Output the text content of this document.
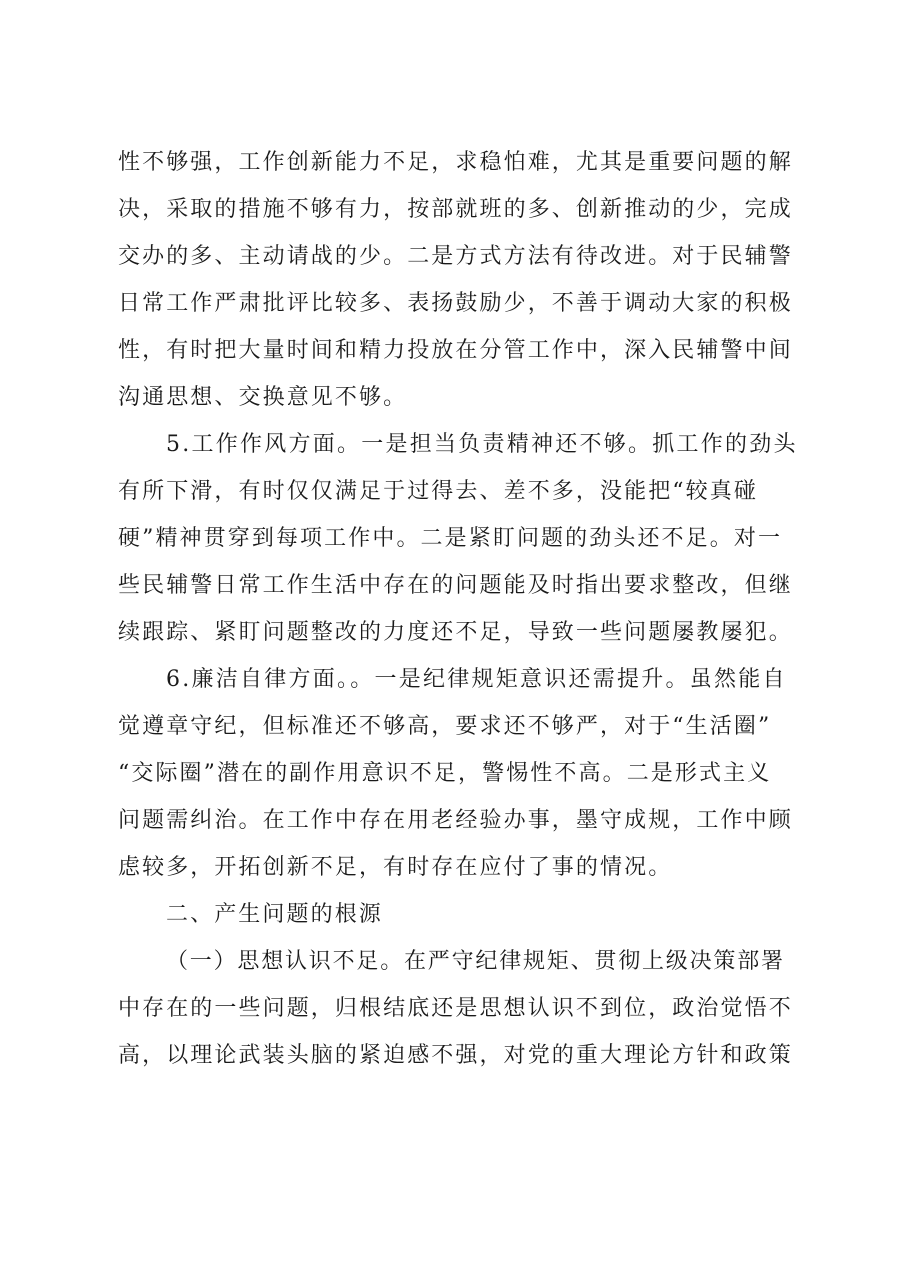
性不够强，工作创新能力不足，求稳怕难，尤其是重要问题的解
决，采取的措施不够有力，按部就班的多、创新推动的少，完成
交办的多、主动请战的少。二是方式方法有待改进。对于民辅警
日常工作严肃批评比较多、表扬鼓励少，不善于调动大家的积极
性，有时把大量时间和精力投放在分管工作中，深入民辅警中间
沟通思想、交换意见不够。
5.工作作风方面。一是担当负责精神还不够。抓工作的劲头
有所下滑，有时仅仅满足于过得去、差不多，没能把“较真碰
硬”精神贯穿到每项工作中。二是紧盯问题的劲头还不足。对一
些民辅警日常工作生活中存在的问题能及时指出要求整改，但继
续跟踪、紧盯问题整改的力度还不足，导致一些问题屡教屡犯。
6.廉洁自律方面。。一是纪律规矩意识还需提升。虽然能自
觉遵章守纪，但标准还不够高，要求还不够严，对于“生活圈”
“交际圈”潜在的副作用意识不足，警惕性不高。二是形式主义
问题需纠治。在工作中存在用老经验办事，墨守成规，工作中顾
虑较多，开拓创新不足，有时存在应付了事的情况。
二、产生问题的根源
（一）思想认识不足。在严守纪律规矩、贯彻上级决策部署
中存在的一些问题，归根结底还是思想认识不到位，政治觉悟不
高，以理论武装头脑的紧迫感不强，对党的重大理论方针和政策
